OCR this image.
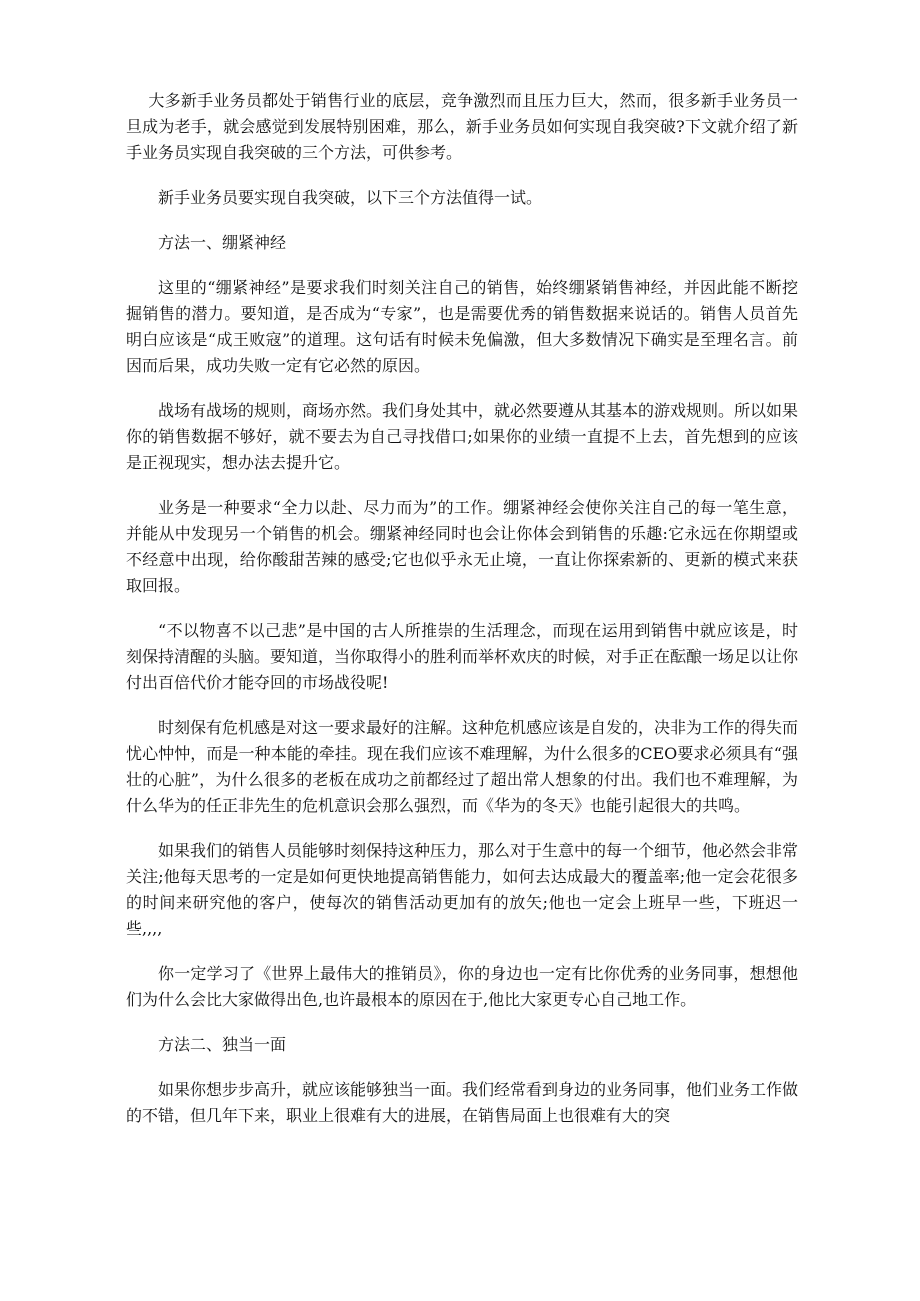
大多新手业务员都处于销售行业的底层，竞争激烈而且压力巨大，然而，很多新手业务员一旦成为老手，就会感觉到发展特别困难，那么，新手业务员如何实现自我突破?下文就介绍了新手业务员实现自我突破的三个方法，可供参考。

新手业务员要实现自我突破，以下三个方法值得一试。

方法一、绷紧神经

这里的“绷紧神经”是要求我们时刻关注自己的销售，始终绷紧销售神经，并因此能不断挖掘销售的潜力。要知道，是否成为“专家”，也是需要优秀的销售数据来说话的。销售人员首先明白应该是“成王败寇”的道理。这句话有时候未免偏激，但大多数情况下确实是至理名言。前因而后果，成功失败一定有它必然的原因。

战场有战场的规则，商场亦然。我们身处其中，就必然要遵从其基本的游戏规则。所以如果你的销售数据不够好，就不要去为自己寻找借口;如果你的业绩一直提不上去，首先想到的应该是正视现实，想办法去提升它。

业务是一种要求“全力以赴、尽力而为”的工作。绷紧神经会使你关注自己的每一笔生意，并能从中发现另一个销售的机会。绷紧神经同时也会让你体会到销售的乐趣:它永远在你期望或不经意中出现，给你酸甜苦辣的感受;它也似乎永无止境，一直让你探索新的、更新的模式来获取回报。

“不以物喜不以己悲”是中国的古人所推崇的生活理念，而现在运用到销售中就应该是，时刻保持清醒的头脑。要知道，当你取得小的胜利而举杯欢庆的时候，对手正在酝酿一场足以让你付出百倍代价才能夺回的市场战役呢!

时刻保有危机感是对这一要求最好的注解。这种危机感应该是自发的，决非为工作的得失而忧心忡忡，而是一种本能的牵挂。现在我们应该不难理解，为什么很多的CEO要求必须具有“强壮的心脏”，为什么很多的老板在成功之前都经过了超出常人想象的付出。我们也不难理解，为什么华为的任正非先生的危机意识会那么强烈，而《华为的冬天》也能引起很大的共鸣。

如果我们的销售人员能够时刻保持这种压力，那么对于生意中的每一个细节，他必然会非常关注;他每天思考的一定是如何更快地提高销售能力，如何去达成最大的覆盖率;他一定会花很多的时间来研究他的客户，使每次的销售活动更加有的放矢;他也一定会上班早一些，下班迟一些,,,,

你一定学习了《世界上最伟大的推销员》，你的身边也一定有比你优秀的业务同事，想想他们为什么会比大家做得出色,也许最根本的原因在于,他比大家更专心自己地工作。

方法二、独当一面

如果你想步步高升，就应该能够独当一面。我们经常看到身边的业务同事，他们业务工作做的不错，但几年下来，职业上很难有大的进展，在销售局面上也很难有大的突
